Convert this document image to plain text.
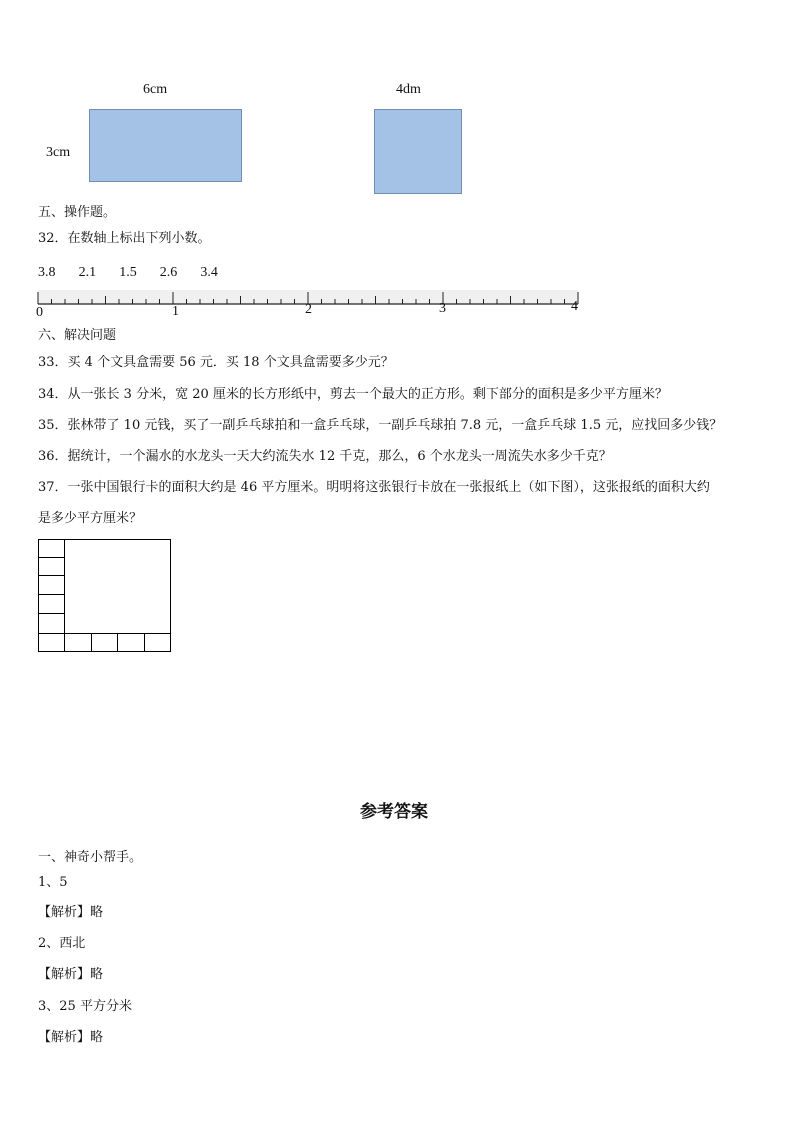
6cm
3cm
4dm
五、操作题。
32．在数轴上标出下列小数。
3.8 2.1 1.5 2.6 3.4
0	1	2	3	4
六、解决问题
33．买 4 个文具盒需要 56 元．买 18 个文具盒需要多少元？
34．从一张长 3 分米，宽 20 厘米的长方形纸中，剪去一个最大的正方形。剩下部分的面积是多少平方厘米？
35．张林带了 10 元钱，买了一副乒乓球拍和一盒乒乓球，一副乒乓球拍 7.8 元，一盒乒乓球 1.5 元，应找回多少钱？
36．据统计，一个漏水的水龙头一天大约流失水 12 千克，那么，6 个水龙头一周流失水多少千克？
37．一张中国银行卡的面积大约是 46 平方厘米。明明将这张银行卡放在一张报纸上（如下图），这张报纸的面积大约
是多少平方厘米？
参考答案
一、神奇小帮手。
1、5
【解析】略
2、西北
【解析】略
3、25 平方分米
【解析】略
